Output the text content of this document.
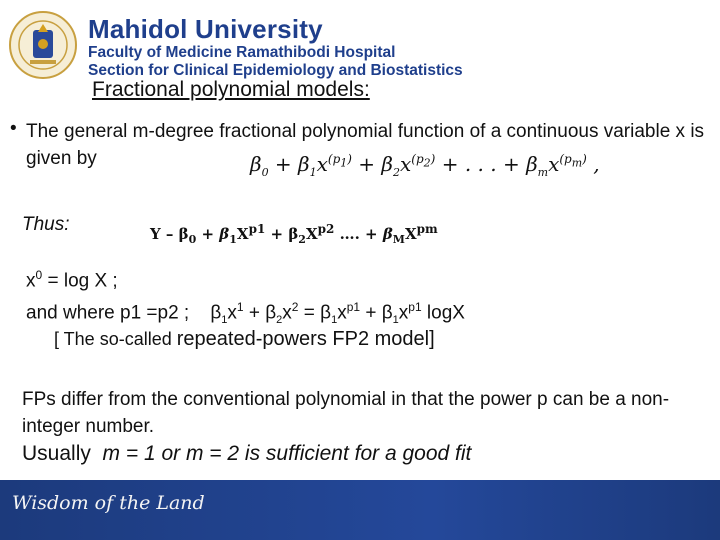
Mahidol University
Faculty of Medicine Ramathibodi Hospital
Section for Clinical Epidemiology and Biostatistics
Fractional polynomial models:
• The general m-degree fractional polynomial function of a continuous variable x is given by	$\beta_0 + \beta_1x^{(p_1)} + \beta_2x^{(p_2)}$ + . . . + $\beta_mx^{(p_m)}$ ,
Thus:	$Y - \beta_0 + \beta_1X^{p1} + \beta_2X^{p2}$ …. + $\beta_MX^{pm}$
$x^0 = \log X$ ;
and where p1 =p2 ;    $\beta_1x^1 + \beta_2x^2 = \beta_1x^{p1} + \beta_1x^{p1}$ logX
[ The so-called repeated-powers FP2 model]
FPs differ from the conventional polynomial in that the power p can be a non-integer number.
Usually m = 1 or m = 2 is sufficient for a good fit
Wisdom of the Land
